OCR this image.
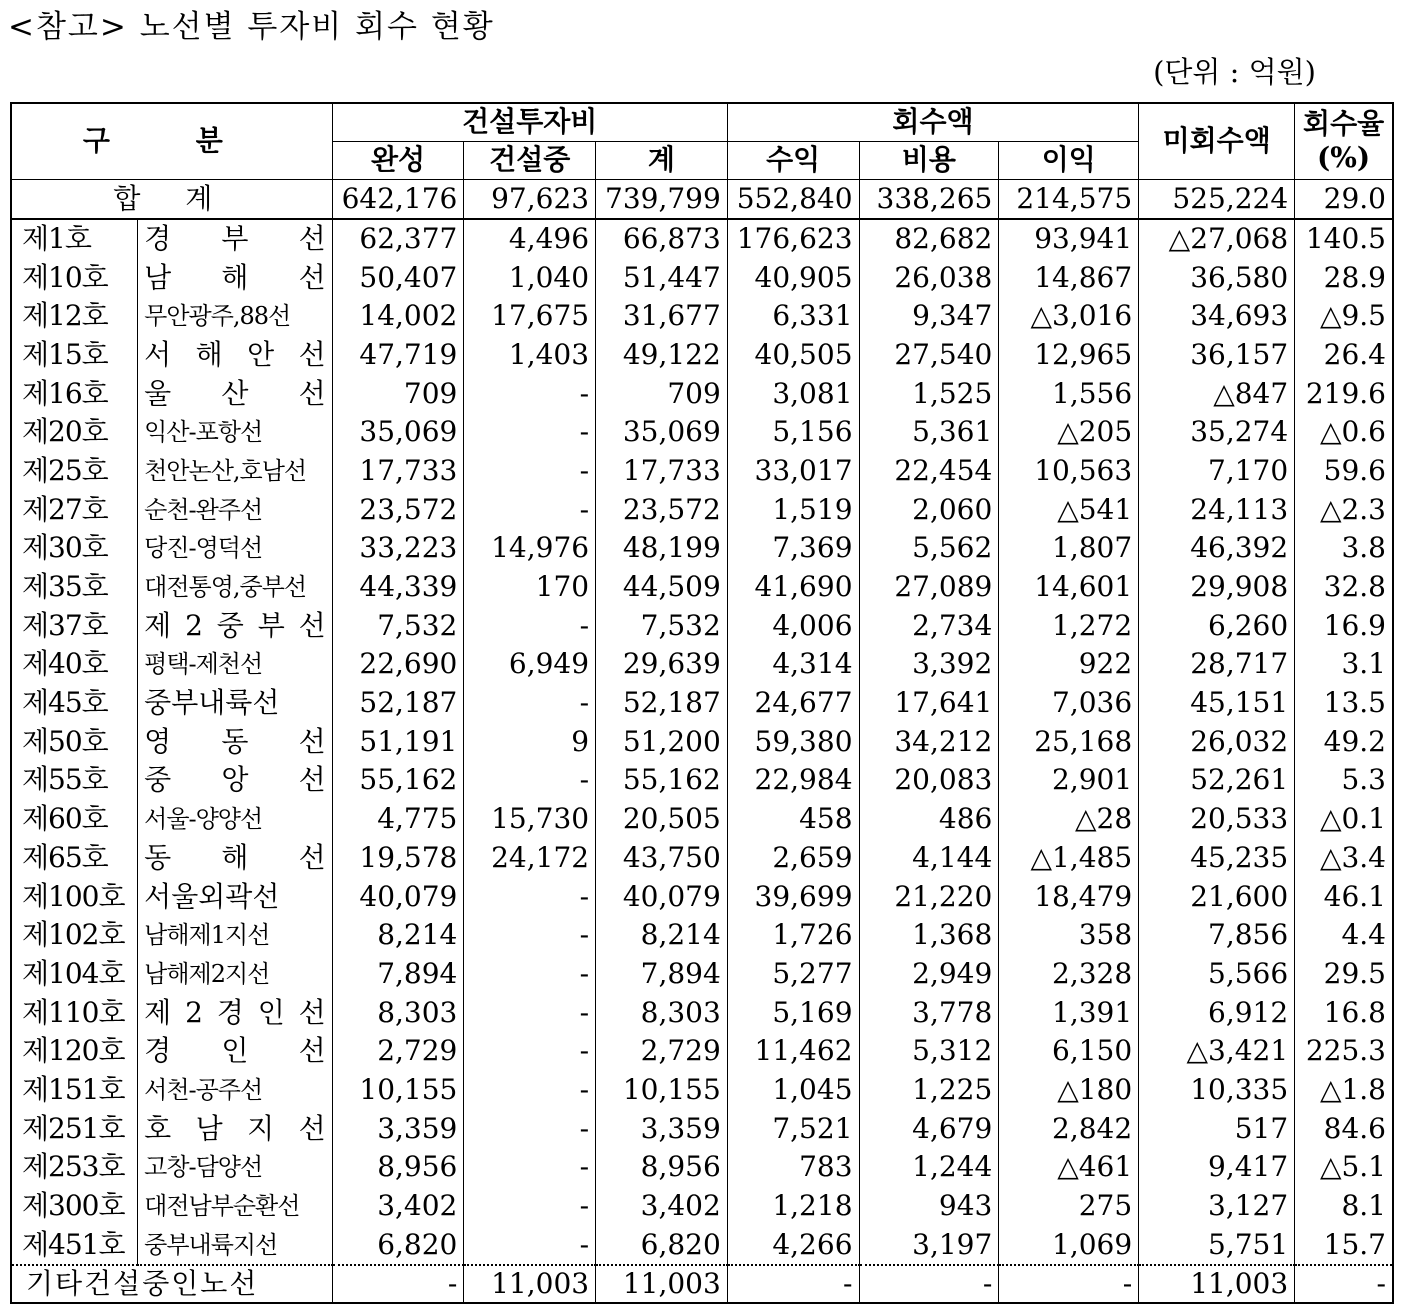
<참고> 노선별 투자비 회수 현황
(단위 : 억원)
구 분		건설투자비			회수액			미회수액	회수율
(%)

		완성	건설중	계	수익	비용	이익		
합 계		642,176	97,623	739,799	552,840	338,265	214,575	525,224	29.0
제1호	경 부 선	62,377	4,496	66,873	176,623	82,682	93,941	△27,068	140.5
제10호	남 해 선	50,407	1,040	51,447	40,905	26,038	14,867	36,580	28.9
제12호	무안광주,88선	14,002	17,675	31,677	6,331	9,347	△3,016	34,693	△9.5
제15호	서 해 안 선	47,719	1,403	49,122	40,505	27,540	12,965	36,157	26.4
제16호	울 산 선	709	-	709	3,081	1,525	1,556	△847	219.6
제20호	익산-포항선	35,069	-	35,069	5,156	5,361	△205	35,274	△0.6
제25호	천안논산,호남선	17,733	-	17,733	33,017	22,454	10,563	7,170	59.6
제27호	순천-완주선	23,572	-	23,572	1,519	2,060	△541	24,113	△2.3
제30호	당진-영덕선	33,223	14,976	48,199	7,369	5,562	1,807	46,392	3.8
제35호	대전통영,중부선	44,339	170	44,509	41,690	27,089	14,601	29,908	32.8
제37호	제 2 중 부 선	7,532	-	7,532	4,006	2,734	1,272	6,260	16.9
제40호	평택-제천선	22,690	6,949	29,639	4,314	3,392	922	28,717	3.1
제45호	중부내륙선	52,187	-	52,187	24,677	17,641	7,036	45,151	13.5
제50호	영 동 선	51,191	9	51,200	59,380	34,212	25,168	26,032	49.2
제55호	중 앙 선	55,162	-	55,162	22,984	20,083	2,901	52,261	5.3
제60호	서울-양양선	4,775	15,730	20,505	458	486	△28	20,533	△0.1
제65호	동 해 선	19,578	24,172	43,750	2,659	4,144	△1,485	45,235	△3.4
제100호	서울외곽선	40,079	-	40,079	39,699	21,220	18,479	21,600	46.1
제102호	남해제1지선	8,214	-	8,214	1,726	1,368	358	7,856	4.4
제104호	남해제2지선	7,894	-	7,894	5,277	2,949	2,328	5,566	29.5
제110호	제 2 경 인 선	8,303	-	8,303	5,169	3,778	1,391	6,912	16.8
제120호	경 인 선	2,729	-	2,729	11,462	5,312	6,150	△3,421	225.3
제151호	서천-공주선	10,155	-	10,155	1,045	1,225	△180	10,335	△1.8
제251호	호 남 지 선	3,359	-	3,359	7,521	4,679	2,842	517	84.6
제253호	고창-담양선	8,956	-	8,956	783	1,244	△461	9,417	△5.1
제300호	대전남부순환선	3,402	-	3,402	1,218	943	275	3,127	8.1
제451호	중부내륙지선	6,820	-	6,820	4,266	3,197	1,069	5,751	15.7
기타건설중인노선		-	11,003	11,003	-	-	-	11,003	-
